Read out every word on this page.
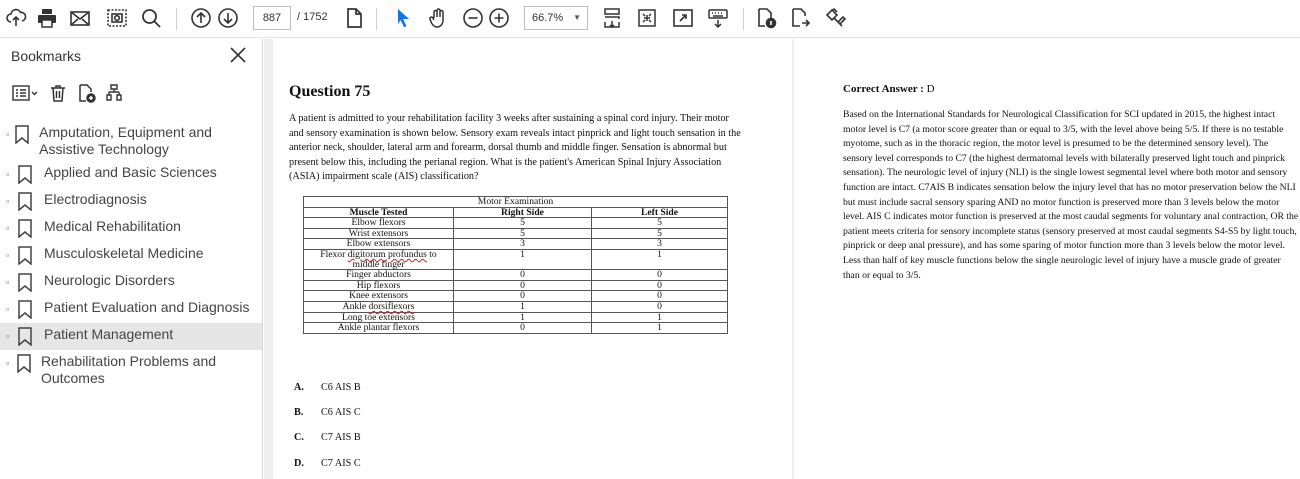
887	/ 1752	66.7% ▼
Bookmarks
▫ Amputation, Equipment and Assistive Technology
▫	Applied and Basic Sciences
▫	Electrodiagnosis
▫	Medical Rehabilitation
▫	Musculoskeletal Medicine
▫	Neurologic Disorders
▫	Patient Evaluation and Diagnosis
▫	Patient Management
▫	Rehabilitation Problems and Outcomes
Question 75
A patient is admitted to your rehabilitation facility 3 weeks after sustaining a spinal cord injury. Their motor and sensory examination is shown below. Sensory exam reveals intact pinprick and light touch sensation in the anterior neck, shoulder, lateral arm and forearm, dorsal thumb and middle finger. Sensation is abnormal but present below this, including the perianal region. What is the patient's American Spinal Injury Association (ASIA) impairment scale (AIS) classification?
Motor Examination		
Muscle Tested	Right Side	Left Side
Elbow flexors	5	5
Wrist extensors	5	5
Elbow extensors	3	3
Flexor digitorum profundus to middle finger	1	1
Finger abductors	0	0
Hip flexors	0	0
Knee extensors	0	0
Ankle dorsiflexors	1	0
Long toe extensors	1	1
Ankle plantar flexors	0	1
A. C6 AIS B
B. C6 AIS C
C. C7 AIS B
D. C7 AIS C
Correct Answer : D
Based on the International Standards for Neurological Classification for SCI updated in 2015, the highest intact motor level is C7 (a motor score greater than or equal to 3/5, with the level above being 5/5. If there is no testable myotome, such as in the thoracic region, the motor level is presumed to be the determined sensory level). The sensory level corresponds to C7 (the highest dermatomal levels with bilaterally preserved light touch and pinprick sensation). The neurologic level of injury (NLI) is the single lowest segmental level where both motor and sensory function are intact. C7AIS B indicates sensation below the injury level that has no motor preservation below the NLI but must include sacral sensory sparing AND no motor function is preserved more than 3 levels below the motor level. AIS C indicates motor function is preserved at the most caudal segments for voluntary anal contraction, OR the patient meets criteria for sensory incomplete status (sensory preserved at most caudal segments S4-S5 by light touch, pinprick or deep anal pressure), and has some sparing of motor function more than 3 levels below the motor level. Less than half of key muscle functions below the single neurologic level of injury have a muscle grade of greater than or equal to 3/5.
